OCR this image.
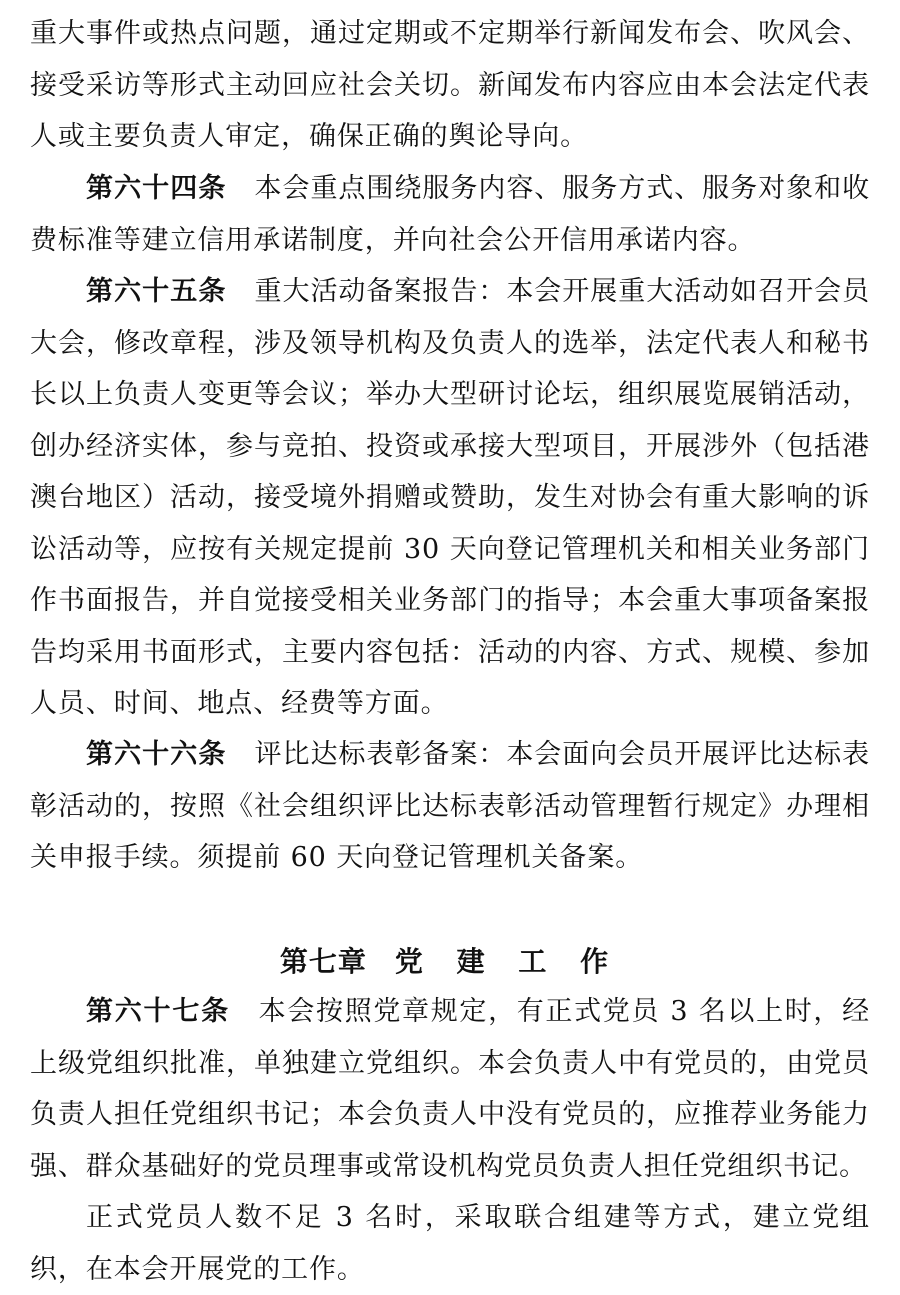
重大事件或热点问题，通过定期或不定期举行新闻发布会、吹风会、接受采访等形式主动回应社会关切。新闻发布内容应由本会法定代表人或主要负责人审定，确保正确的舆论导向。

第六十四条 本会重点围绕服务内容、服务方式、服务对象和收费标准等建立信用承诺制度，并向社会公开信用承诺内容。

第六十五条 重大活动备案报告：本会开展重大活动如召开会员大会，修改章程，涉及领导机构及负责人的选举，法定代表人和秘书长以上负责人变更等会议；举办大型研讨论坛，组织展览展销活动，创办经济实体，参与竞拍、投资或承接大型项目，开展涉外（包括港澳台地区）活动，接受境外捐赠或赞助，发生对协会有重大影响的诉讼活动等，应按有关规定提前 30 天向登记管理机关和相关业务部门作书面报告，并自觉接受相关业务部门的指导；本会重大事项备案报告均采用书面形式，主要内容包括：活动的内容、方式、规模、参加人员、时间、地点、经费等方面。

第六十六条 评比达标表彰备案：本会面向会员开展评比达标表彰活动的，按照《社会组织评比达标表彰活动管理暂行规定》办理相关申报手续。须提前 60 天向登记管理机关备案。

第七章 党 建 工 作

第六十七条 本会按照党章规定，有正式党员 3 名以上时，经上级党组织批准，单独建立党组织。本会负责人中有党员的，由党员负责人担任党组织书记；本会负责人中没有党员的，应推荐业务能力强、群众基础好的党员理事或常设机构党员负责人担任党组织书记。

正式党员人数不足 3 名时，采取联合组建等方式，建立党组织，在本会开展党的工作。
